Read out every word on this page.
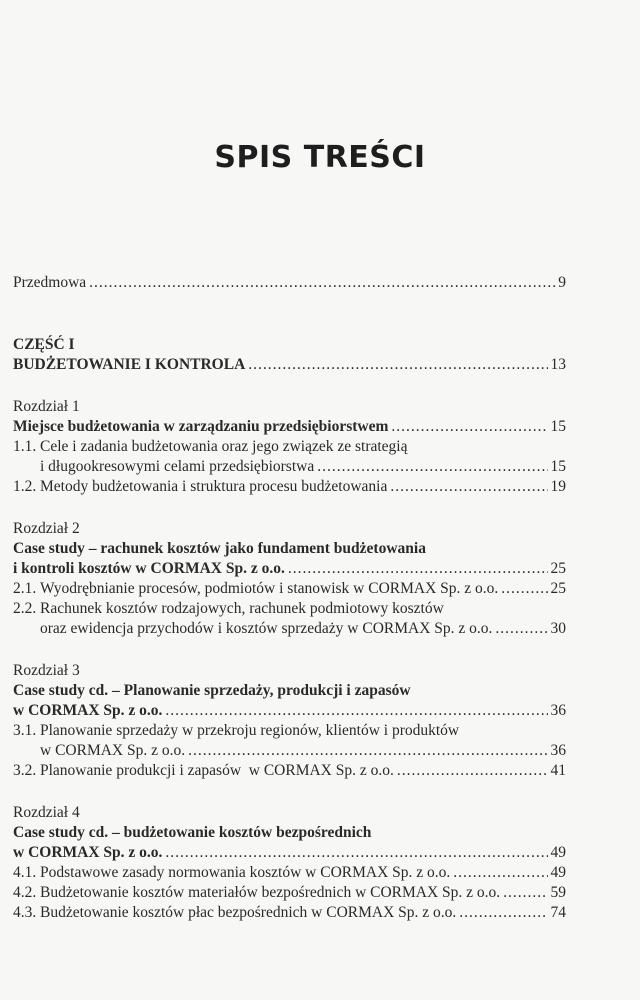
SPIS TREŚCI
Przedmowa .....	9
CZĘŚĆ I
BUDŻETOWANIE I KONTROLA .....	13
Rozdział 1
Miejsce budżetowania w zarządzaniu przedsiębiorstwem .....	15
1.1. Cele i zadania budżetowania oraz jego związek ze strategią
i długookresowymi celami przedsiębiorstwa .....	15
1.2. Metody budżetowania i struktura procesu budżetowania .....	19
Rozdział 2
Case study – rachunek kosztów jako fundament budżetowania
i kontroli kosztów w CORMAX Sp. z o.o. .....	25
2.1. Wyodrębnianie procesów, podmiotów i stanowisk w CORMAX Sp. z o.o. .....	25
2.2. Rachunek kosztów rodzajowych, rachunek podmiotowy kosztów
oraz ewidencja przychodów i kosztów sprzedaży w CORMAX Sp. z o.o. .....	30
Rozdział 3
Case study cd. – Planowanie sprzedaży, produkcji i zapasów
w CORMAX Sp. z o.o. .....	36
3.1. Planowanie sprzedaży w przekroju regionów, klientów i produktów
w CORMAX Sp. z o.o. .....	36
3.2. Planowanie produkcji i zapasów  w CORMAX Sp. z o.o. .....	41
Rozdział 4
Case study cd. – budżetowanie kosztów bezpośrednich
w CORMAX Sp. z o.o. .....	49
4.1. Podstawowe zasady normowania kosztów w CORMAX Sp. z o.o. .....	49
4.2. Budżetowanie kosztów materiałów bezpośrednich w CORMAX Sp. z o.o. .....	59
4.3. Budżetowanie kosztów płac bezpośrednich w CORMAX Sp. z o.o. .....	74
